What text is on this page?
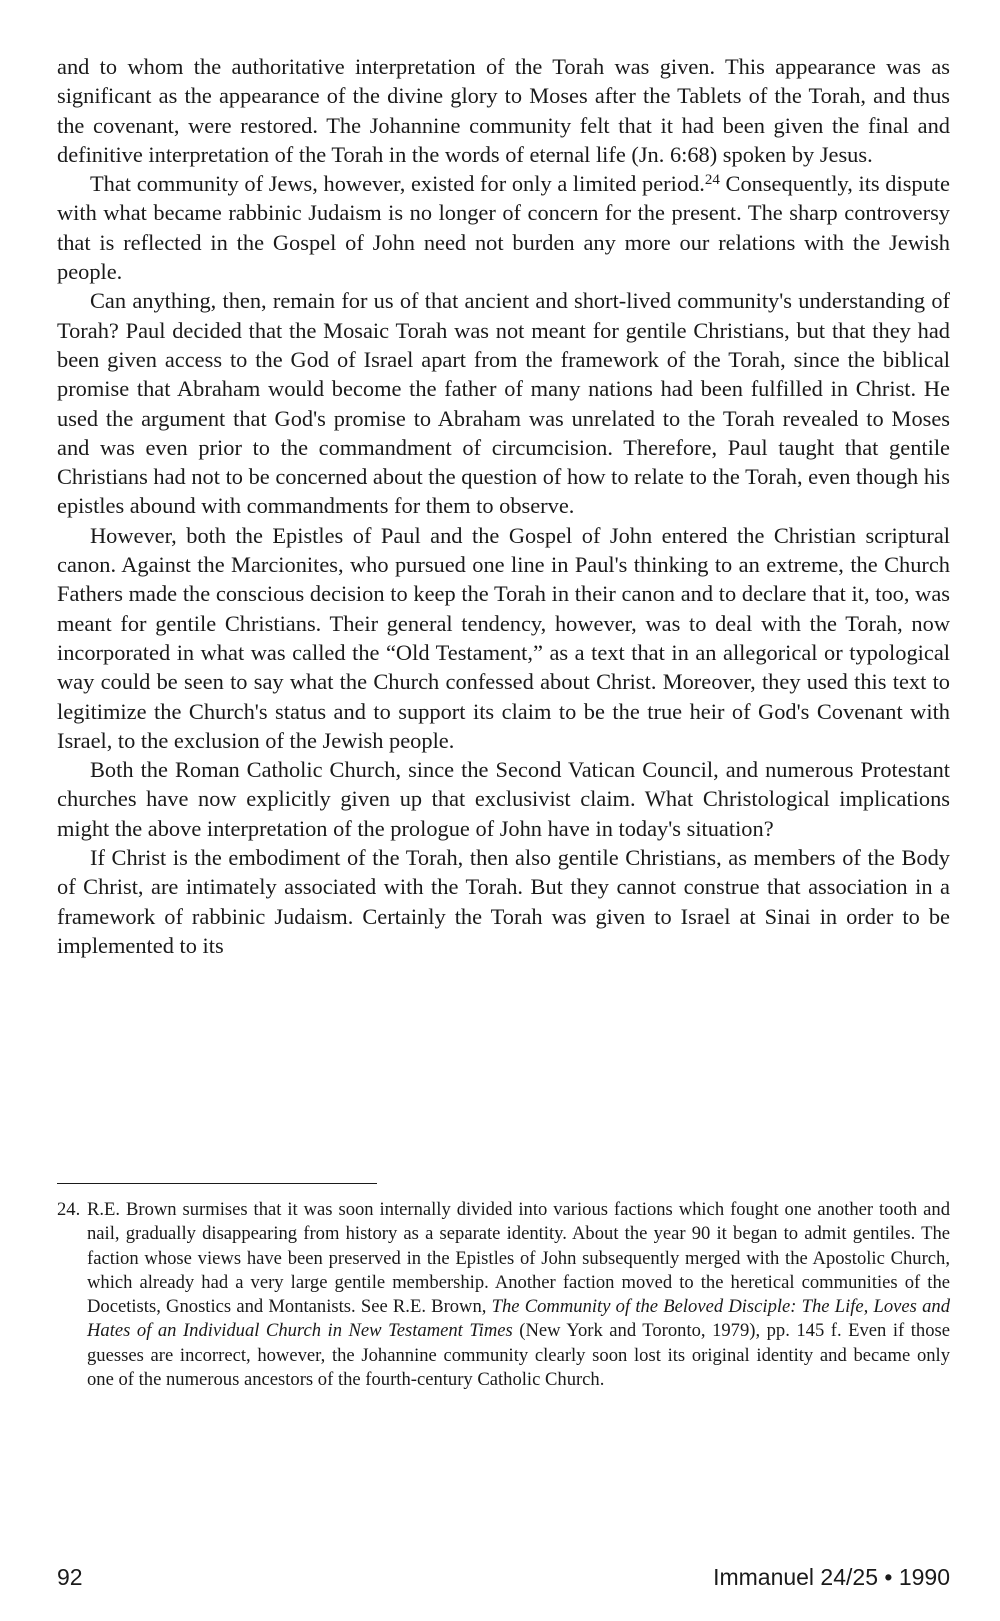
and to whom the authoritative interpretation of the Torah was given. This appearance was as significant as the appearance of the divine glory to Moses after the Tablets of the Torah, and thus the covenant, were restored. The Johannine community felt that it had been given the final and definitive interpretation of the Torah in the words of eternal life (Jn. 6:68) spoken by Jesus.

That community of Jews, however, existed for only a limited period.$^{24}$ Consequently, its dispute with what became rabbinic Judaism is no longer of concern for the present. The sharp controversy that is reflected in the Gospel of John need not burden any more our relations with the Jewish people.

Can anything, then, remain for us of that ancient and short-lived community's understanding of Torah? Paul decided that the Mosaic Torah was not meant for gentile Christians, but that they had been given access to the God of Israel apart from the framework of the Torah, since the biblical promise that Abraham would become the father of many nations had been fulfilled in Christ. He used the argument that God's promise to Abraham was unrelated to the Torah revealed to Moses and was even prior to the commandment of circumcision. Therefore, Paul taught that gentile Christians had not to be concerned about the question of how to relate to the Torah, even though his epistles abound with commandments for them to observe.

However, both the Epistles of Paul and the Gospel of John entered the Christian scriptural canon. Against the Marcionites, who pursued one line in Paul's thinking to an extreme, the Church Fathers made the conscious decision to keep the Torah in their canon and to declare that it, too, was meant for gentile Christians. Their general tendency, however, was to deal with the Torah, now incorporated in what was called the “Old Testament,” as a text that in an allegorical or typological way could be seen to say what the Church confessed about Christ. Moreover, they used this text to legitimize the Church's status and to support its claim to be the true heir of God's Covenant with Israel, to the exclusion of the Jewish people.

Both the Roman Catholic Church, since the Second Vatican Council, and numerous Protestant churches have now explicitly given up that exclusivist claim. What Christological implications might the above interpretation of the prologue of John have in today's situation?

If Christ is the embodiment of the Torah, then also gentile Christians, as members of the Body of Christ, are intimately associated with the Torah. But they cannot construe that association in a framework of rabbinic Judaism. Certainly the Torah was given to Israel at Sinai in order to be implemented to its

24. R.E. Brown surmises that it was soon internally divided into various factions which fought one another tooth and nail, gradually disappearing from history as a separate identity. About the year 90 it began to admit gentiles. The faction whose views have been preserved in the Epistles of John subsequently merged with the Apostolic Church, which already had a very large gentile membership. Another faction moved to the heretical communities of the Docetists, Gnostics and Montanists. See R.E. Brown, The Community of the Beloved Disciple: The Life, Loves and Hates of an Individual Church in New Testament Times (New York and Toronto, 1979), pp. 145 f. Even if those guesses are incorrect, however, the Johannine community clearly soon lost its original identity and became only one of the numerous ancestors of the fourth-century Catholic Church.
92	Immanuel 24/25 • 1990
